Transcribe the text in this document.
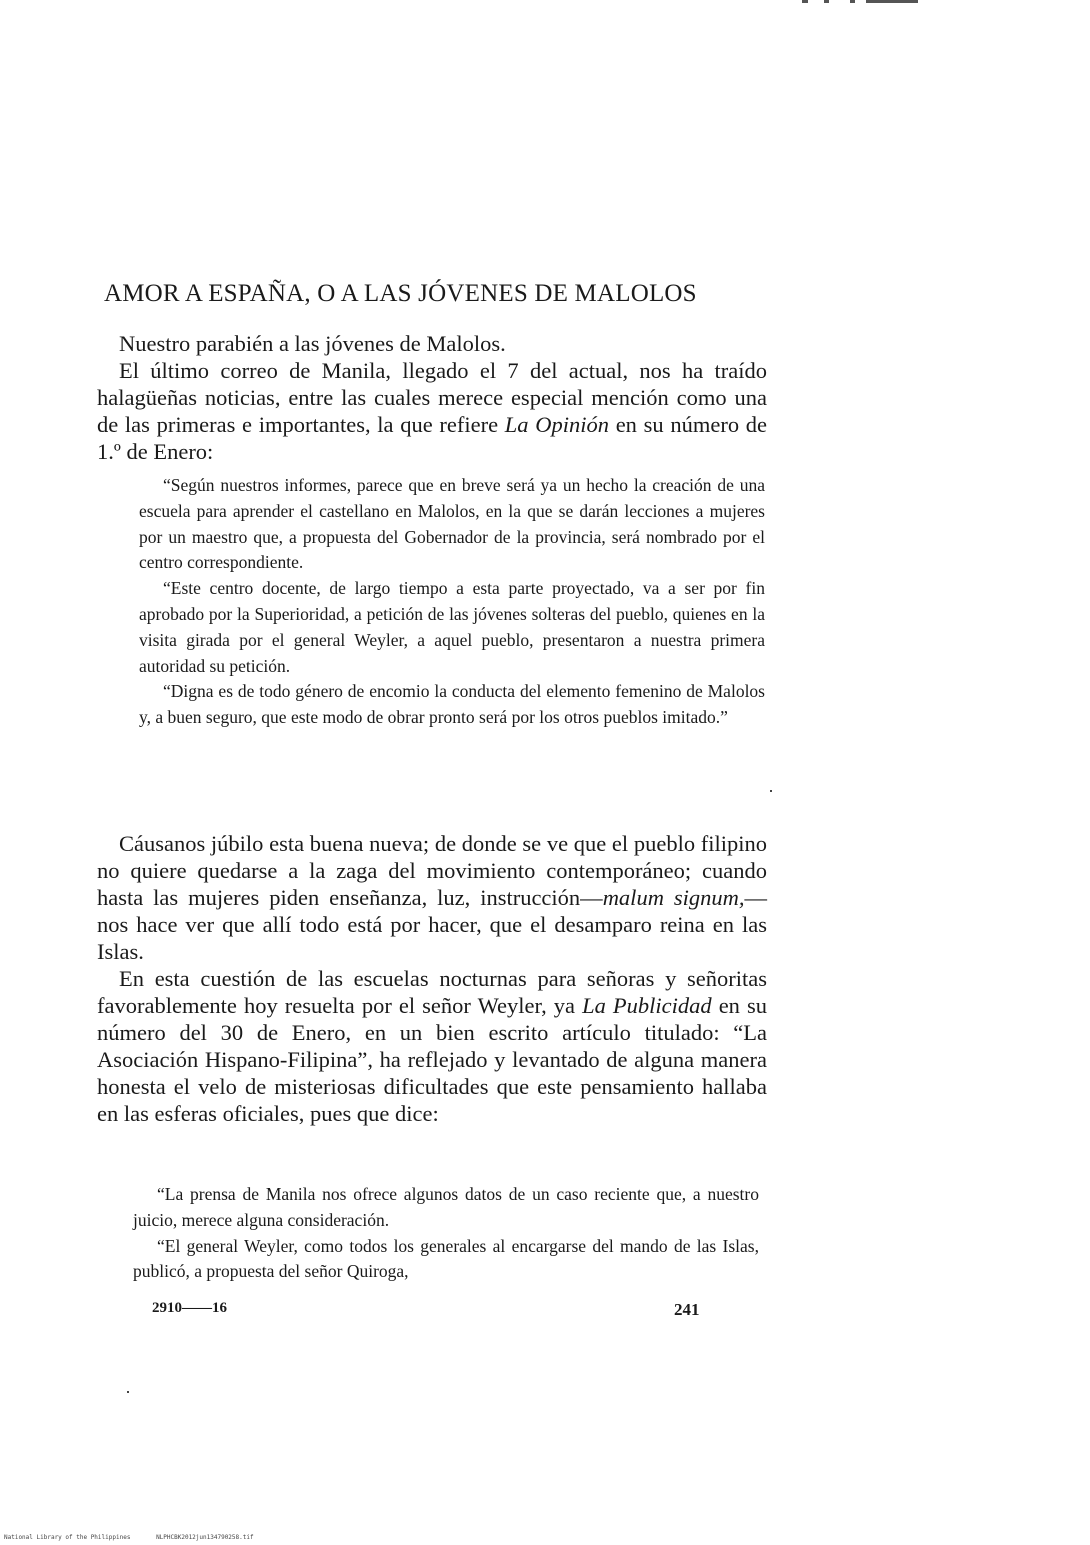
AMOR A ESPAÑA, O A LAS JÓVENES DE MALOLOS

Nuestro parabién a las jóvenes de Malolos.

El último correo de Manila, llegado el 7 del actual, nos ha traído halagüeñas noticias, entre las cuales merece especial mención como una de las primeras e importantes, la que refiere La Opinión en su número de 1.º de Enero:

“Según nuestros informes, parece que en breve será ya un hecho la creación de una escuela para aprender el castellano en Malolos, en la que se darán lecciones a mujeres por un maestro que, a propuesta del Gobernador de la provincia, será nombrado por el centro correspondiente.

“Este centro docente, de largo tiempo a esta parte proyectado, va a ser por fin aprobado por la Superioridad, a petición de las jóvenes solteras del pueblo, quienes en la visita girada por el general Weyler, a aquel pueblo, presentaron a nuestra primera autoridad su petición.

“Digna es de todo género de encomio la conducta del elemento femenino de Malolos y, a buen seguro, que este modo de obrar pronto será por los otros pueblos imitado.”

Cáusanos júbilo esta buena nueva; de donde se ve que el pueblo filipino no quiere quedarse a la zaga del movimiento contemporáneo; cuando hasta las mujeres piden enseñanza, luz, instrucción—malum signum,—nos hace ver que allí todo está por hacer, que el desamparo reina en las Islas.

En esta cuestión de las escuelas nocturnas para señoras y señoritas favorablemente hoy resuelta por el señor Weyler, ya La Publicidad en su número del 30 de Enero, en un bien escrito artículo titulado: “La Asociación Hispano-Filipina”, ha reflejado y levantado de alguna manera honesta el velo de misteriosas dificultades que este pensamiento hallaba en las esferas oficiales, pues que dice:

“La prensa de Manila nos ofrece algunos datos de un caso reciente que, a nuestro juicio, merece alguna consideración.

“El general Weyler, como todos los generales al encargarse del mando de las Islas, publicó, a propuesta del señor Quiroga,

2910——16	241
National Library of the Philippines	NLPHCBK2012jun134790258.tif
